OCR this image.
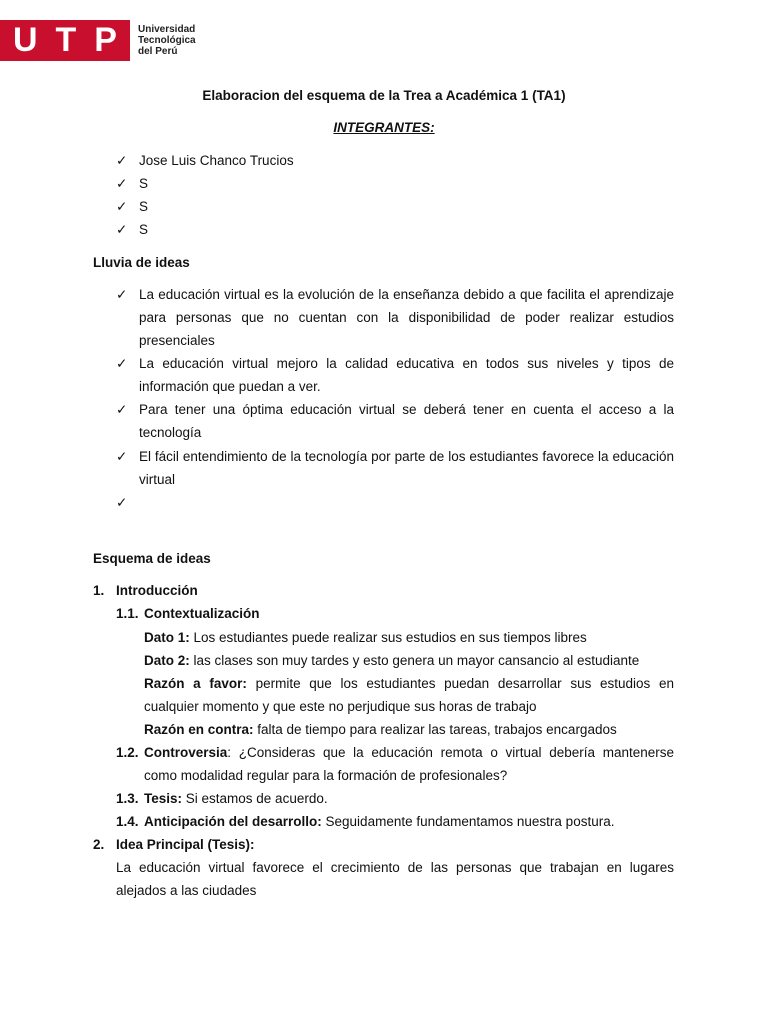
U T P Universidad
Tecnológica
del Perú
Elaboracion del esquema de la Trea a Académica 1 (TA1)
INTEGRANTES:
✓ Jose Luis Chanco Trucios
✓ S
✓ S
✓ S
Lluvia de ideas
✓ La educación virtual es la evolución de la enseñanza debido a que facilita el aprendizaje para personas que no cuentan con la disponibilidad de poder realizar estudios presenciales
✓ La educación virtual mejoro la calidad educativa en todos sus niveles y tipos de información que puedan a ver.
✓ Para tener una óptima educación virtual se deberá tener en cuenta el acceso a la tecnología
✓ El fácil entendimiento de la tecnología por parte de los estudiantes favorece la educación virtual
✓
Esquema de ideas
1. Introducción
1.1. Contextualización
Dato 1: Los estudiantes puede realizar sus estudios en sus tiempos libres
Dato 2: las clases son muy tardes y esto genera un mayor cansancio al estudiante
Razón a favor: permite que los estudiantes puedan desarrollar sus estudios en cualquier momento y que este no perjudique sus horas de trabajo
Razón en contra: falta de tiempo para realizar las tareas, trabajos encargados
1.2. Controversia: ¿Consideras que la educación remota o virtual debería mantenerse como modalidad regular para la formación de profesionales?
1.3. Tesis: Si estamos de acuerdo.
1.4. Anticipación del desarrollo: Seguidamente fundamentamos nuestra postura.
2. Idea Principal (Tesis):
La educación virtual favorece el crecimiento de las personas que trabajan en lugares alejados a las ciudades
